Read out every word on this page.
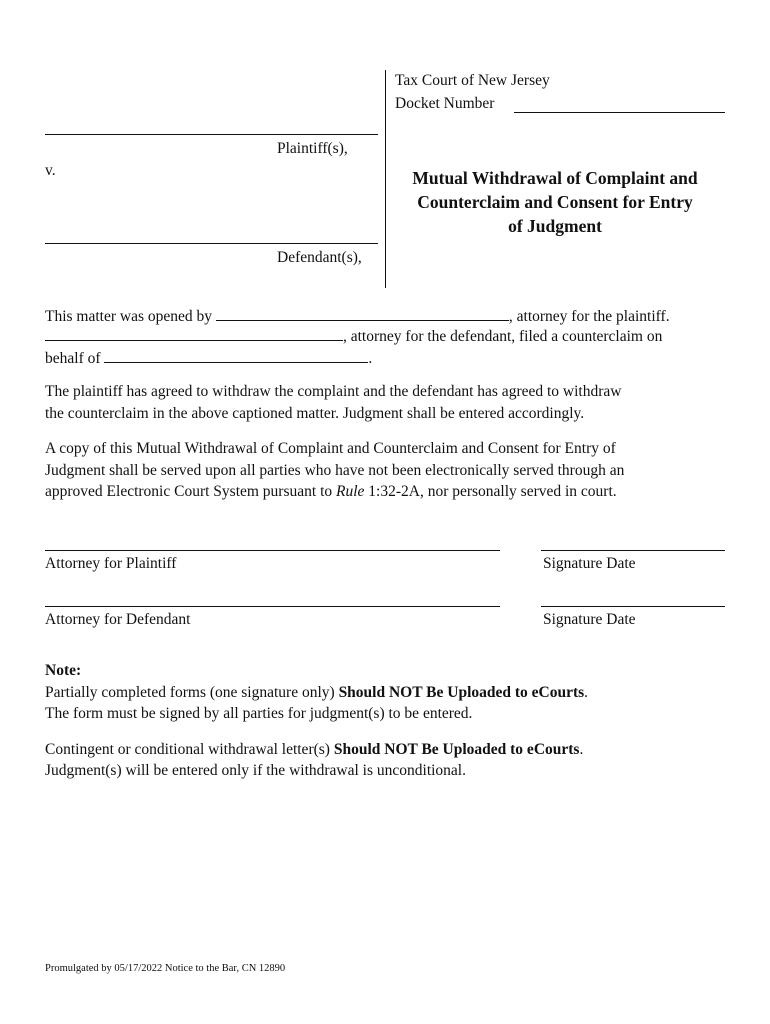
Tax Court of New Jersey
Docket Number
Plaintiff(s),
v.
Defendant(s),
Mutual Withdrawal of Complaint and
Counterclaim and Consent for Entry
of Judgment
This matter was opened by	, attorney for the plaintiff.
, attorney for the defendant, filed a counterclaim on
behalf of	.
The plaintiff has agreed to withdraw the complaint and the defendant has agreed to withdraw
the counterclaim in the above captioned matter. Judgment shall be entered accordingly.
A copy of this Mutual Withdrawal of Complaint and Counterclaim and Consent for Entry of
Judgment shall be served upon all parties who have not been electronically served through an
approved Electronic Court System pursuant to Rule 1:32-2A, nor personally served in court.
Attorney for Plaintiff	Signature Date
Attorney for Defendant	Signature Date
Note:
Partially completed forms (one signature only) Should NOT Be Uploaded to eCourts.
The form must be signed by all parties for judgment(s) to be entered.
Contingent or conditional withdrawal letter(s) Should NOT Be Uploaded to eCourts.
Judgment(s) will be entered only if the withdrawal is unconditional.
Promulgated by 05/17/2022 Notice to the Bar, CN 12890
